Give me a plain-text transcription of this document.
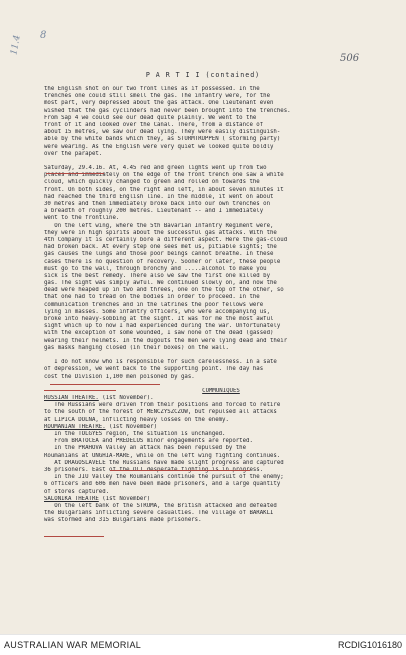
8
11.4
506
P A R T I I (contained)
the English shot on our two front lines as if possessed. In the
trenches one could still smell the gas. The infantry were, for the
most part, very depressed about the gas attack. One lieutenant even
wished that the gas cyclinders had never been brought into the trenches.
From Sap 4 we could see our dead quite plainly. We went to the
front of it and looked over the Canal. There, from a distance of
about 15 metres, we saw our dead lying. They were easily distinguish-
able by the white bands which they, as STURMTRUPPEN ( storming party)
were wearing. As the English were very quiet we looked quite boldly
over the parapet.
Saturday, 29.4.16. At, 4.45 red and green lights went up from two
places and immediately on the edge of the front trench one saw a white
cloud, which quickly changed to green and rolled on towards the
front. On both sides, on the right and left, in about seven minutes it
had reached the third English line. In the middle, it went on about
30 metres and then immediately broke back into our own trenches on
a breadth of roughly 200 metres. Lieutenant -- and I immediately
went to the frontline.
On the left wing, where the 5th Bavarian Infantry Regiment were,
they were in high spirits about the successful gas attacks. With the
4th Company it is certainly bore a different aspect. Here the gas-cloud
had broken back. At every step one sees met us, pitiable sights; the
gas causes the lungs and those poor beings cannot breathe. In these
cases there is no question of recovery. Sooner or later, these people
must go to the wall, through bronchy and .....alcohol to make you
sick is the best remedy. There also we saw the first one killed by
gas. The sight was simply awful. We continued slowly on, and now the
dead were heaped up in two and threes, one on the top of the other, so
that one had to tread on the bodies in order to proceed. In the
communication trenches and in the latrines the poor fellows were
lying in masses. Some infantry officers, who were accompanying us,
broke into heavy-sobbing at the sight. It was for me the most awful
sight which up to now I had experienced during the war. Unfortunately
with the exception of some wounded, I saw none of the dead (gassed)
wearing their helmets. In the dugouts the men were lying dead and their
gas masks hanging closed (in their boxes) on the wall.
I do not know who is responsible for such carelessness. In a sate
of depression, we went back to the supporting point. The day has
cost the Division 1,100 men poisoned by gas.
COMMUNIQUES
RUSSIAN THEATRE. (1st November).
The Russians were driven from their positions and forced to retire
to the south of the forest of MENCZYSZCZOW, but repulsed all attacks
at LIPICA DOLNA, inflicting heavy losses on the enemy.
ROUMANIAN THEATRE. (1st November)
In the TOLGYES region, the situation is unchanged.
From BRATOCEA and PREDELUS minor engagements are reported.
In the PRAHOVA Valley an attack has been repulsed by the
Roumanians at UNGHIA-MARE, while on the left wing fighting continues.
At DRAGOSLAVELE the Russians have made slight progress and captured
36 prisoners. East of the OLT desperate fighting is in progress.
In the JIU Valley the Roumanians continue the pursuit of the enemy;
6 officers and 606 men have been made prisoners, and a large quantity
of stores captured.
SALONIKA THEATRE (1st November)
On the left bank of the STRUMA, the British attacked and defeated
the Bulgarians inflicting severe casualties. The village of BARAKLI
was stormed and 315 Bulgarians made prisoners.
AUSTRALIAN WAR MEMORIAL	RCDIG1016180
